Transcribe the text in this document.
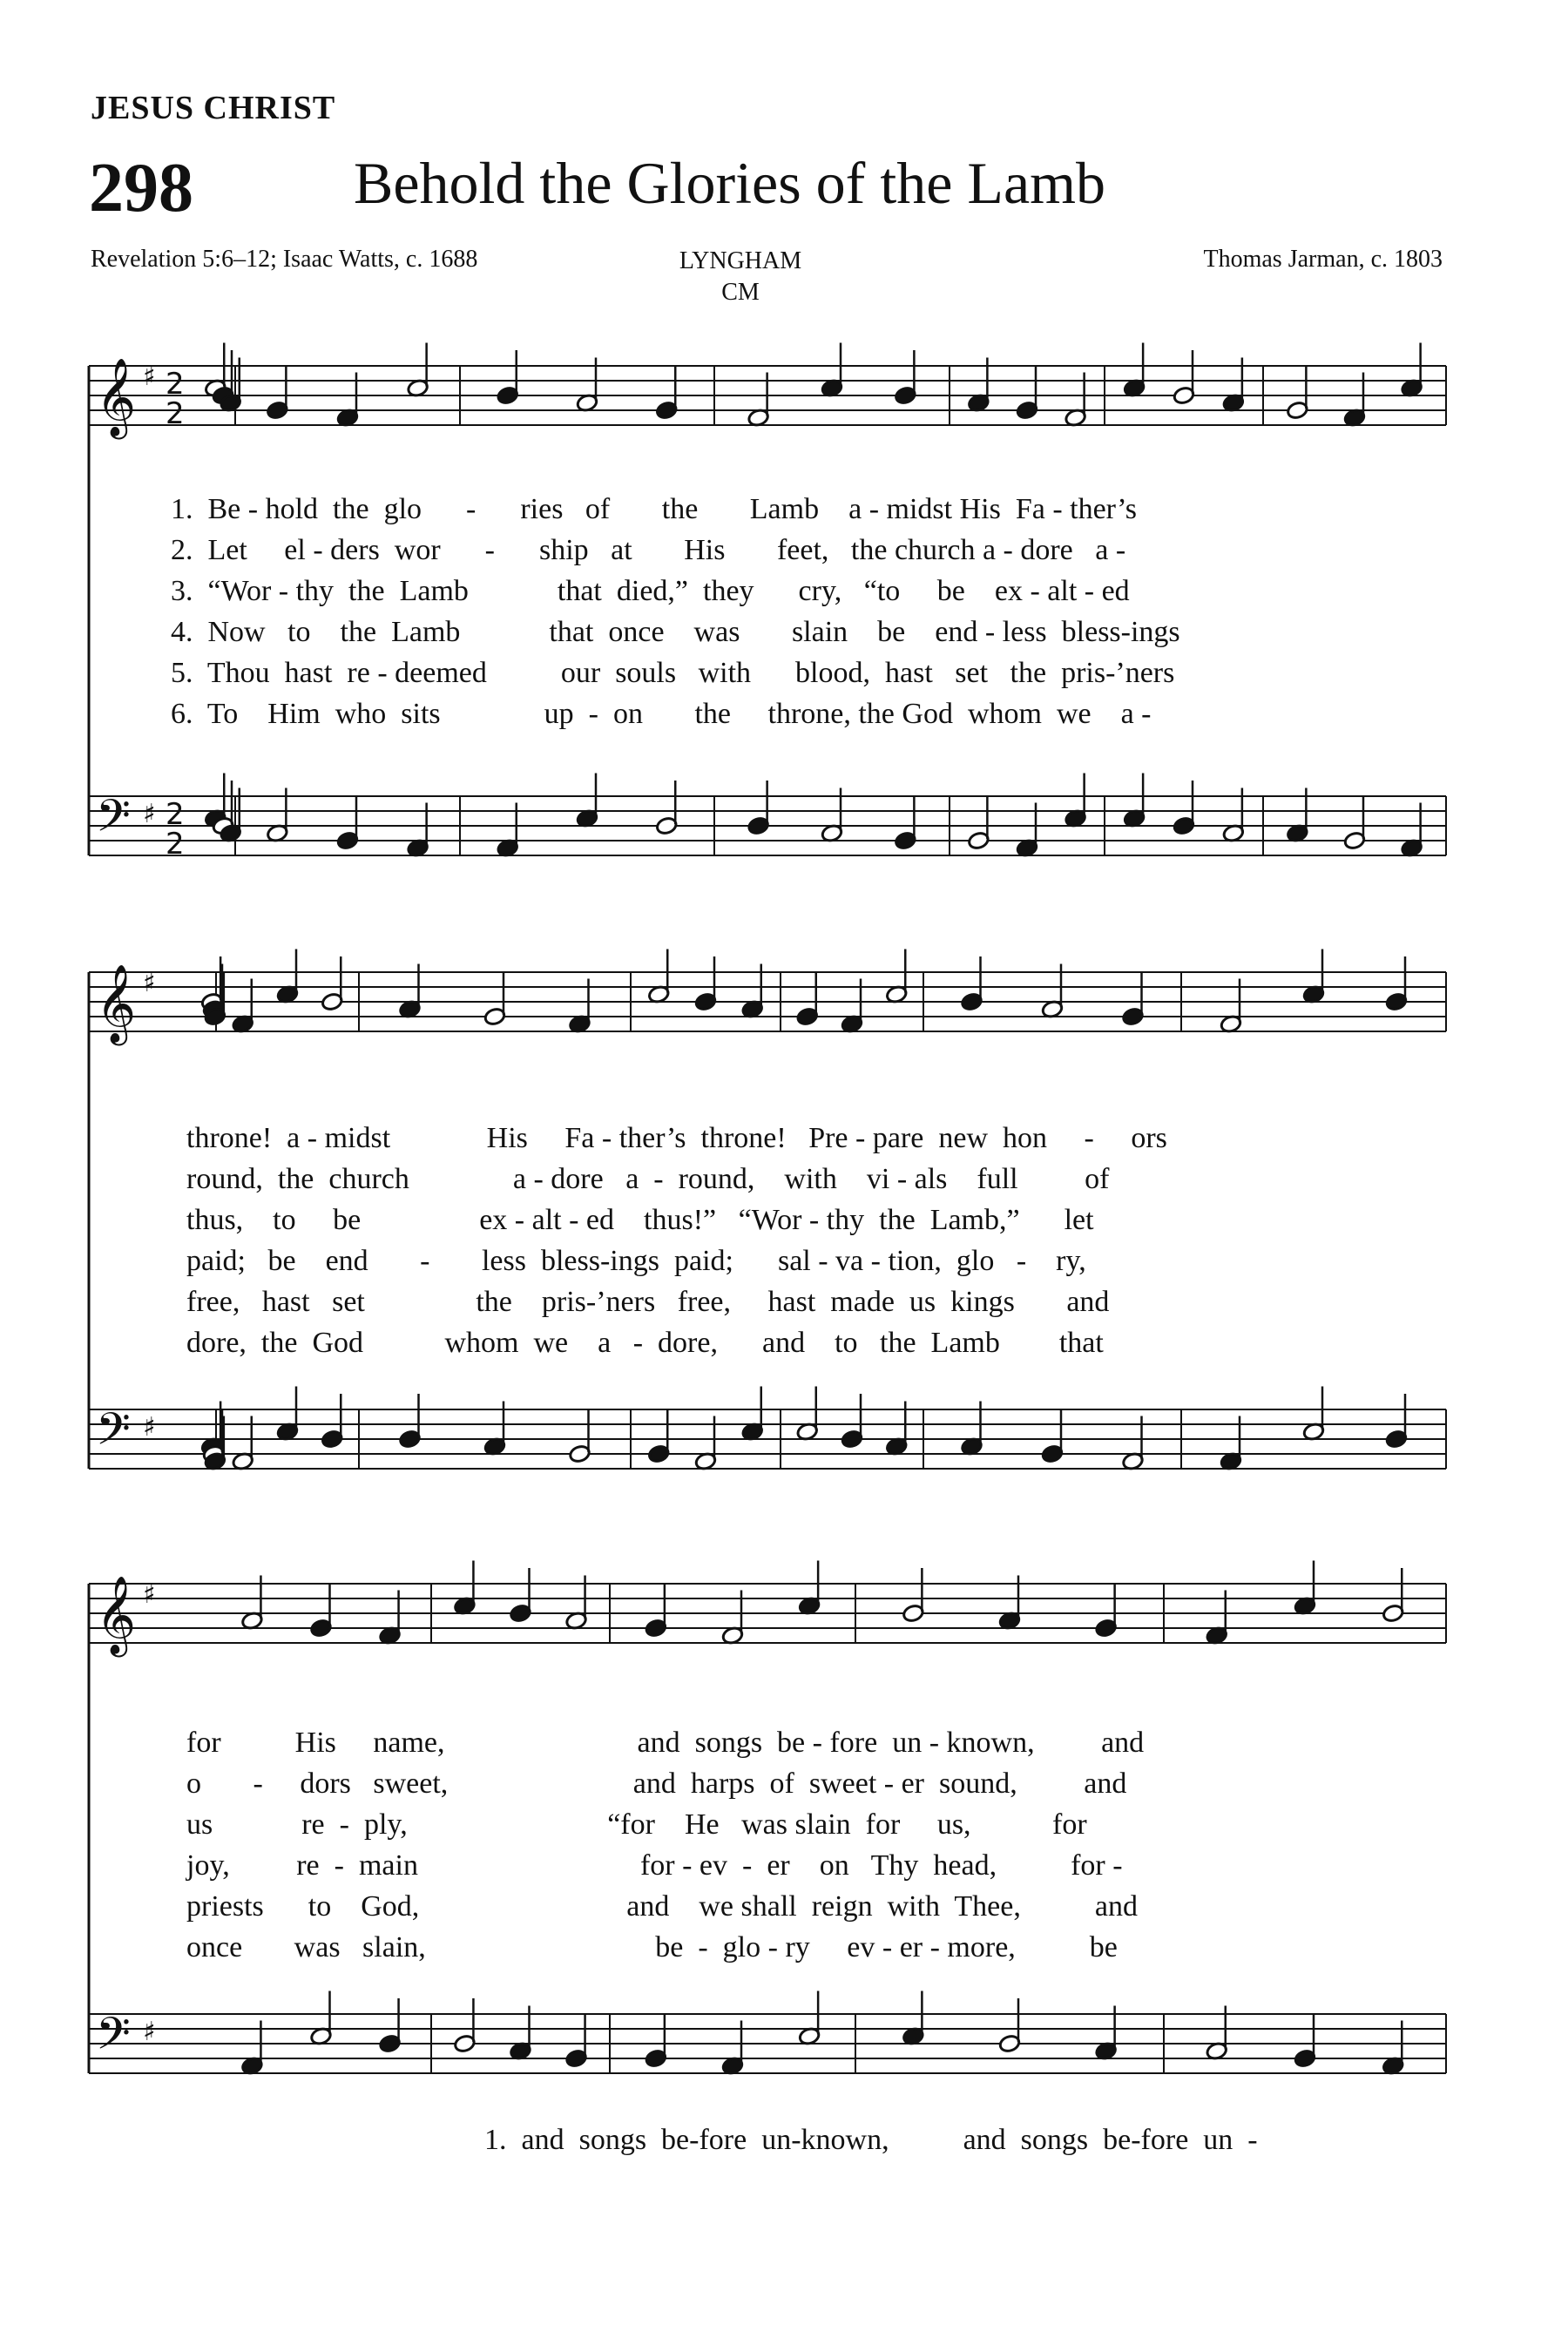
JESUS CHRIST
298	Behold the Glories of the Lamb
Revelation 5:6–12; Isaac Watts, c. 1688	LYNGHAM
CM
Thomas Jarman, c. 1803
𝄞
𝄢
♯
♯
2
2
2
2
𝄞
𝄢
♯
♯
𝄞
𝄢
♯
♯
1.  Be - hold  the  glo      -      ries   of       the       Lamb    a - midst His  Fa - ther’s
2.  Let     el - ders  wor      -      ship   at       His       feet,   the church a - dore   a -
3.  “Wor - thy  the  Lamb            that  died,”  they      cry,   “to     be    ex - alt - ed
4.  Now   to    the  Lamb            that  once    was       slain    be    end - less  bless-ings
5.  Thou  hast  re - deemed          our  souls   with      blood,  hast   set   the  pris-’ners
6.  To    Him  who  sits              up  -  on       the     throne, the God  whom  we    a -
throne!  a - midst             His     Fa - ther’s  throne!   Pre - pare  new  hon     -     ors
round,  the  church              a - dore   a  -  round,    with    vi - als    full         of
thus,    to     be                ex - alt - ed    thus!”   “Wor - thy  the  Lamb,”      let
paid;   be    end       -       less  bless-ings  paid;      sal - va - tion,  glo   -    ry,
free,   hast   set               the    pris-’ners   free,     hast  made  us  kings       and
dore,  the  God           whom  we    a   -  dore,      and    to   the  Lamb        that
for          His     name,                          and  songs  be - fore  un - known,         and
o       -     dors   sweet,                         and  harps  of  sweet - er  sound,         and
us            re  -  ply,                           “for    He   was slain  for     us,           for
joy,         re  -  main                              for - ev  -  er    on   Thy  head,          for -
priests      to    God,                            and    we shall  reign  with  Thee,          and
once       was   slain,                               be  -  glo - ry     ev - er - more,          be
1.  and  songs  be-fore  un-known,          and  songs  be-fore  un  -
